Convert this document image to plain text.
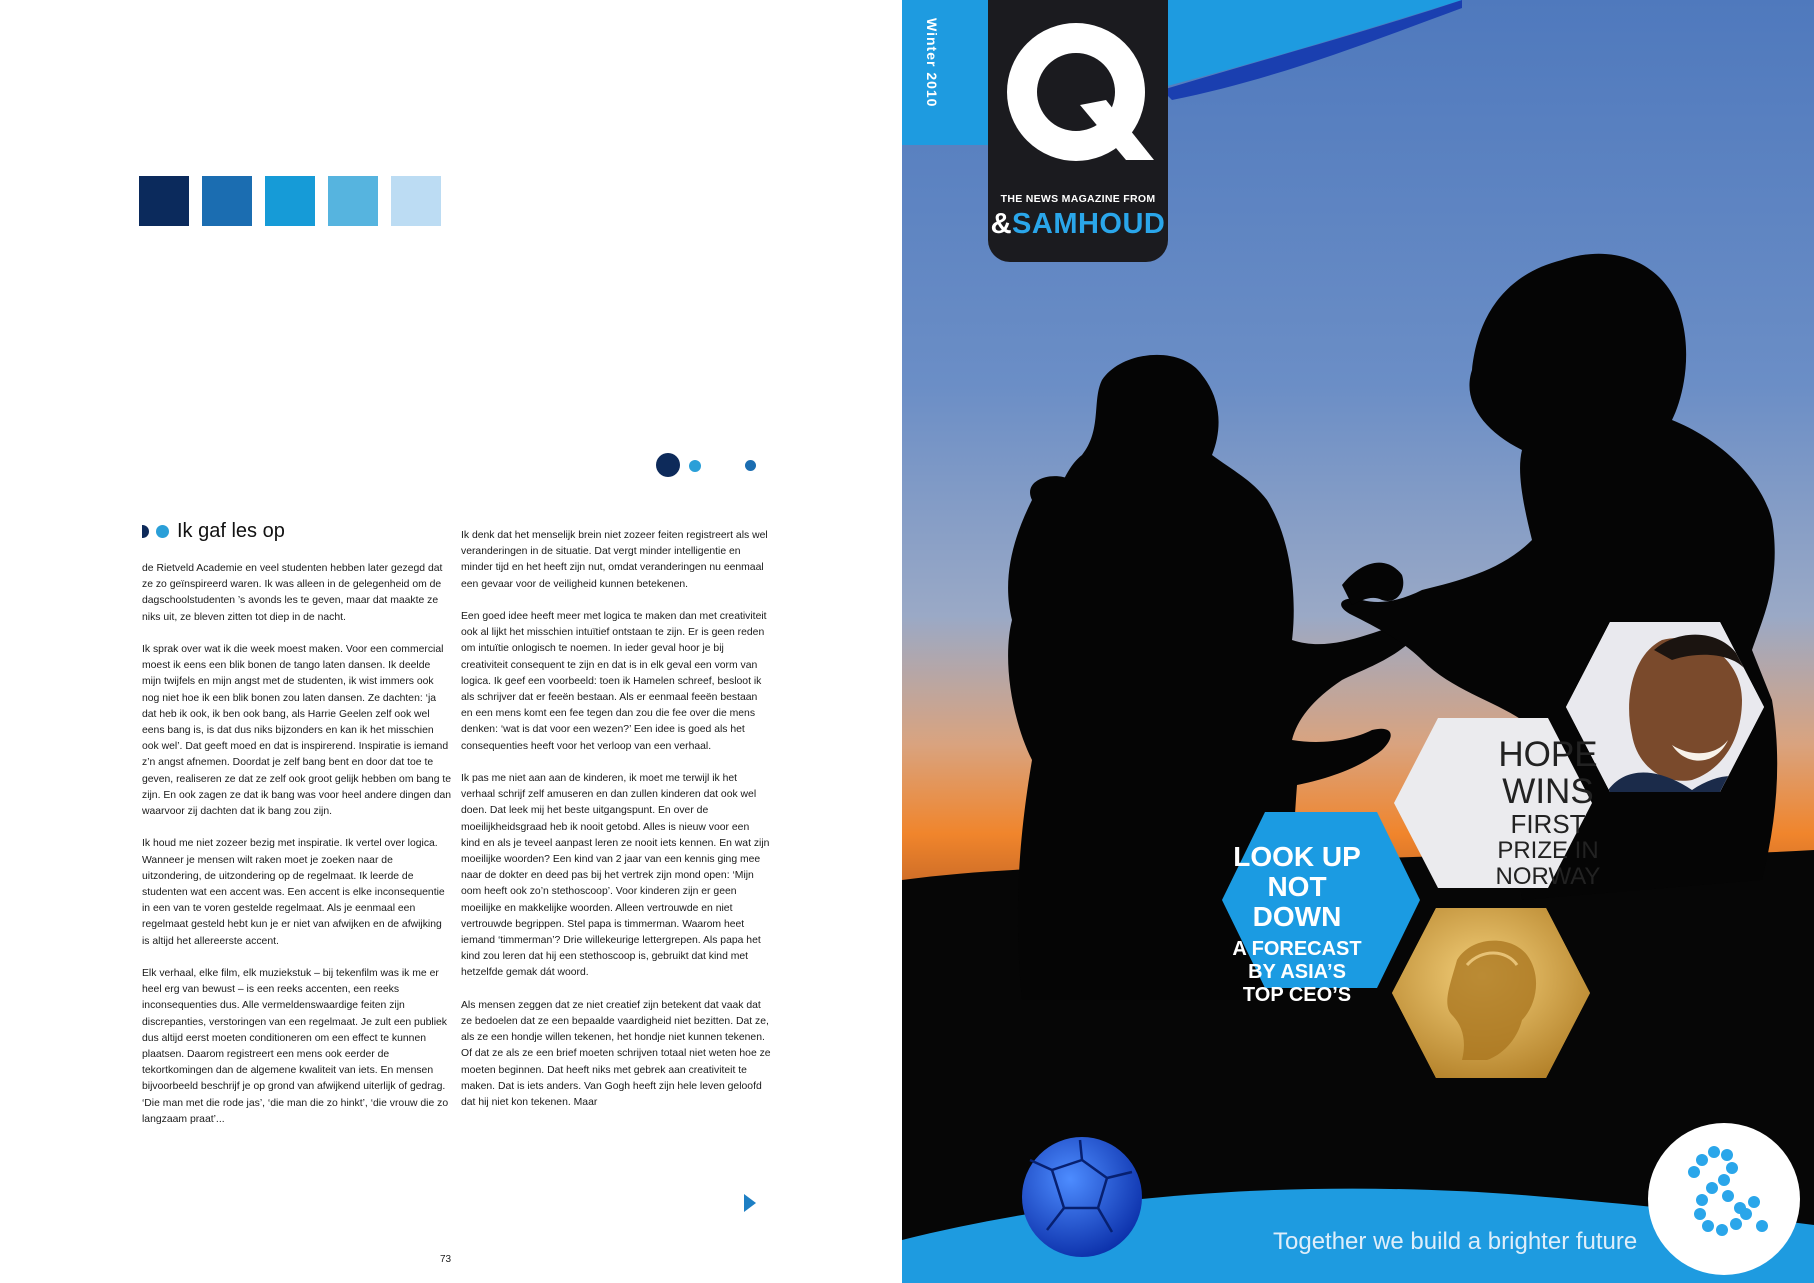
Ik gaf les op

de Rietveld Academie en veel studenten hebben later gezegd dat ze zo geïnspireerd waren. Ik was alleen in de gelegenheid om de dagschoolstudenten ’s avonds les te geven, maar dat maakte ze niks uit, ze bleven zitten tot diep in de nacht.

Ik sprak over wat ik die week moest maken. Voor een commercial moest ik eens een blik bonen de tango laten dansen. Ik deelde mijn twijfels en mijn angst met de studenten, ik wist immers ook nog niet hoe ik een blik bonen zou laten dansen. Ze dachten: ‘ja dat heb ik ook, ik ben ook bang, als Harrie Geelen zelf ook wel eens bang is, is dat dus niks bijzonders en kan ik het misschien ook wel’. Dat geeft moed en dat is inspirerend. Inspiratie is iemand z’n angst afnemen. Doordat je zelf bang bent en door dat toe te geven, realiseren ze dat ze zelf ook groot gelijk hebben om bang te zijn. En ook zagen ze dat ik bang was voor heel andere dingen dan waarvoor zij dachten dat ik bang zou zijn.

Ik houd me niet zozeer bezig met inspiratie. Ik vertel over logica. Wanneer je mensen wilt raken moet je zoeken naar de uitzondering, de uitzondering op de regelmaat. Ik leerde de studenten wat een accent was. Een accent is elke inconsequentie in een van te voren gestelde regelmaat. Als je eenmaal een regelmaat gesteld hebt kun je er niet van afwijken en de afwijking is altijd het allereerste accent.

Elk verhaal, elke film, elk muziekstuk – bij tekenfilm was ik me er heel erg van bewust – is een reeks accenten, een reeks inconsequenties dus. Alle vermeldenswaardige feiten zijn discrepanties, verstoringen van een regelmaat. Je zult een publiek dus altijd eerst moeten conditioneren om een effect te kunnen plaatsen. Daarom registreert een mens ook eerder de tekortkomingen dan de algemene kwaliteit van iets. En mensen bijvoorbeeld beschrijf je op grond van afwijkend uiterlijk of gedrag. ‘Die man met die rode jas’, ‘die man die zo hinkt’, ‘die vrouw die zo langzaam praat’...

Ik denk dat het menselijk brein niet zozeer feiten registreert als wel veranderingen in de situatie. Dat vergt minder intelligentie en minder tijd en het heeft zijn nut, omdat veranderingen nu eenmaal een gevaar voor de veiligheid kunnen betekenen.

Een goed idee heeft meer met logica te maken dan met creativiteit ook al lijkt het misschien intuïtief ontstaan te zijn. Er is geen reden om intuïtie onlogisch te noemen. In ieder geval hoor je bij creativiteit consequent te zijn en dat is in elk geval een vorm van logica. Ik geef een voorbeeld: toen ik Hamelen schreef, besloot ik als schrijver dat er feeën bestaan. Als er eenmaal feeën bestaan en een mens komt een fee tegen dan zou die fee over die mens denken: ‘wat is dat voor een wezen?’ Een idee is goed als het consequenties heeft voor het verloop van een verhaal.

Ik pas me niet aan aan de kinderen, ik moet me terwijl ik het verhaal schrijf zelf amuseren en dan zullen kinderen dat ook wel doen. Dat leek mij het beste uitgangspunt. En over de moeilijkheidsgraad heb ik nooit getobd. Alles is nieuw voor een kind en als je teveel aanpast leren ze nooit iets kennen. En wat zijn moeilijke woorden? Een kind van 2 jaar van een kennis ging mee naar de dokter en deed pas bij het vertrek zijn mond open: ‘Mijn oom heeft ook zo’n stethoscoop’. Voor kinderen zijn er geen moeilijke en makkelijke woorden. Alleen vertrouwde en niet vertrouwde begrippen. Stel papa is timmerman. Waarom heet iemand ‘timmerman’? Drie willekeurige lettergrepen. Als papa het kind zou leren dat hij een stethoscoop is, gebruikt dat kind met hetzelfde gemak dát woord.

Als mensen zeggen dat ze niet creatief zijn betekent dat vaak dat ze bedoelen dat ze een bepaalde vaardigheid niet bezitten. Dat ze, als ze een hondje willen tekenen, het hondje niet kunnen tekenen. Of dat ze als ze een brief moeten schrijven totaal niet weten hoe ze moeten beginnen. Dat heeft niks met gebrek aan creativiteit te maken. Dat is iets anders. Van Gogh heeft zijn hele leven geloofd dat hij niet kon tekenen. Maar

73
Winter 2010
THE NEWS MAGAZINE FROM
&SAMHOUD
LOOK UP
NOT DOWN
A FORECAST
BY ASIA’S
TOP CEO’S
HOPE
WINS
FIRST
PRIZE IN
NORWAY
Together we build a brighter future
